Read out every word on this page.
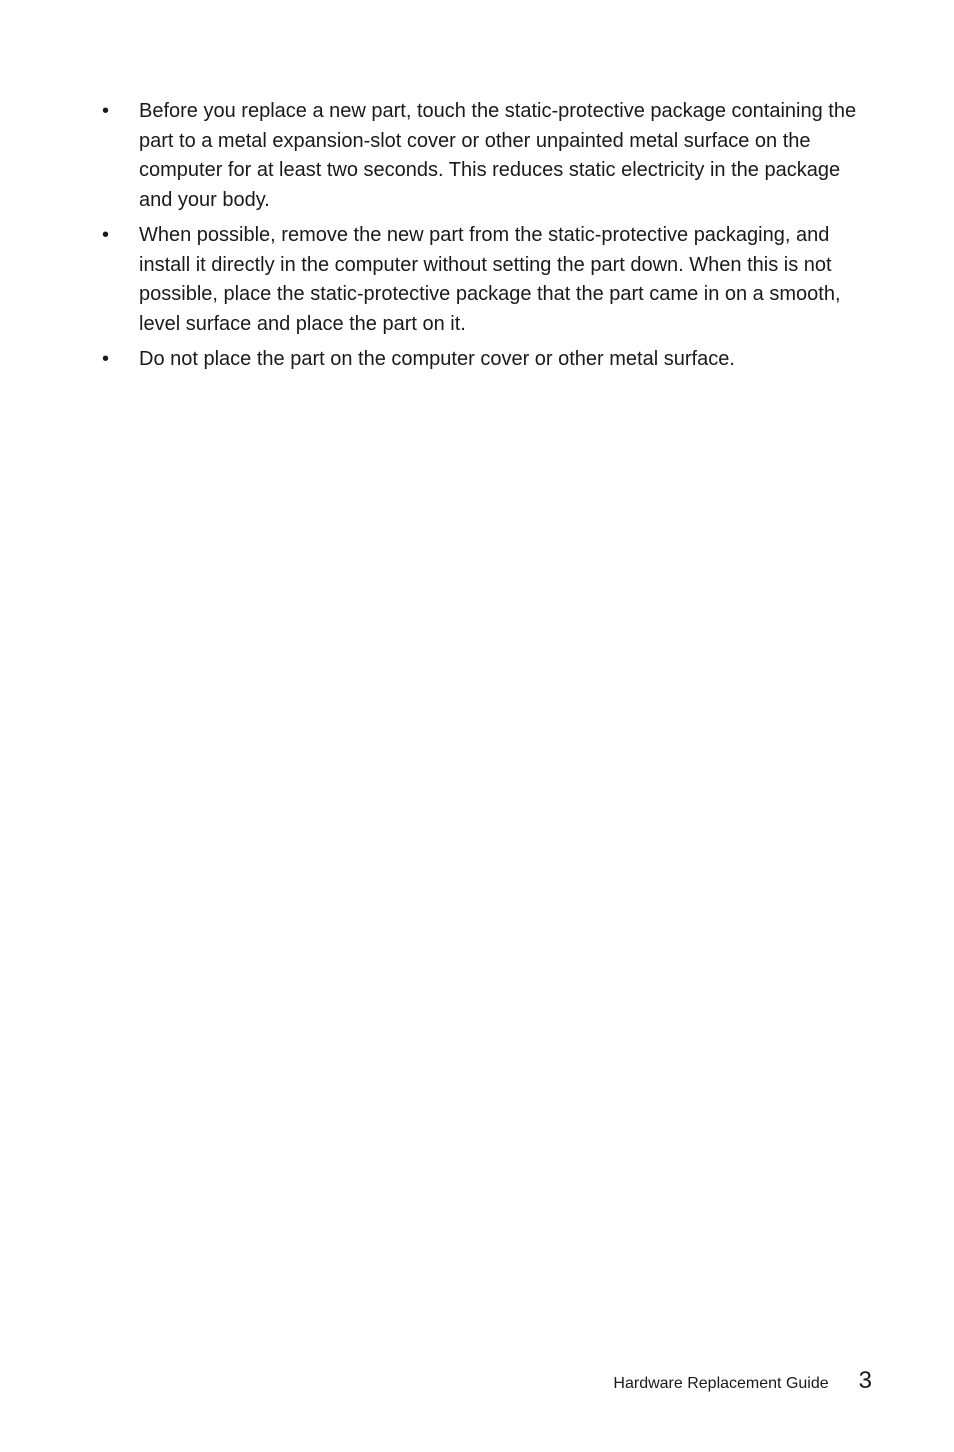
• Before you replace a new part, touch the static-protective package containing the part to a metal expansion-slot cover or other unpainted metal surface on the computer for at least two seconds. This reduces static electricity in the package and your body.
• When possible, remove the new part from the static-protective packaging, and install it directly in the computer without setting the part down. When this is not possible, place the static-protective package that the part came in on a smooth, level surface and place the part on it.
• Do not place the part on the computer cover or other metal surface.
Hardware Replacement Guide 3
